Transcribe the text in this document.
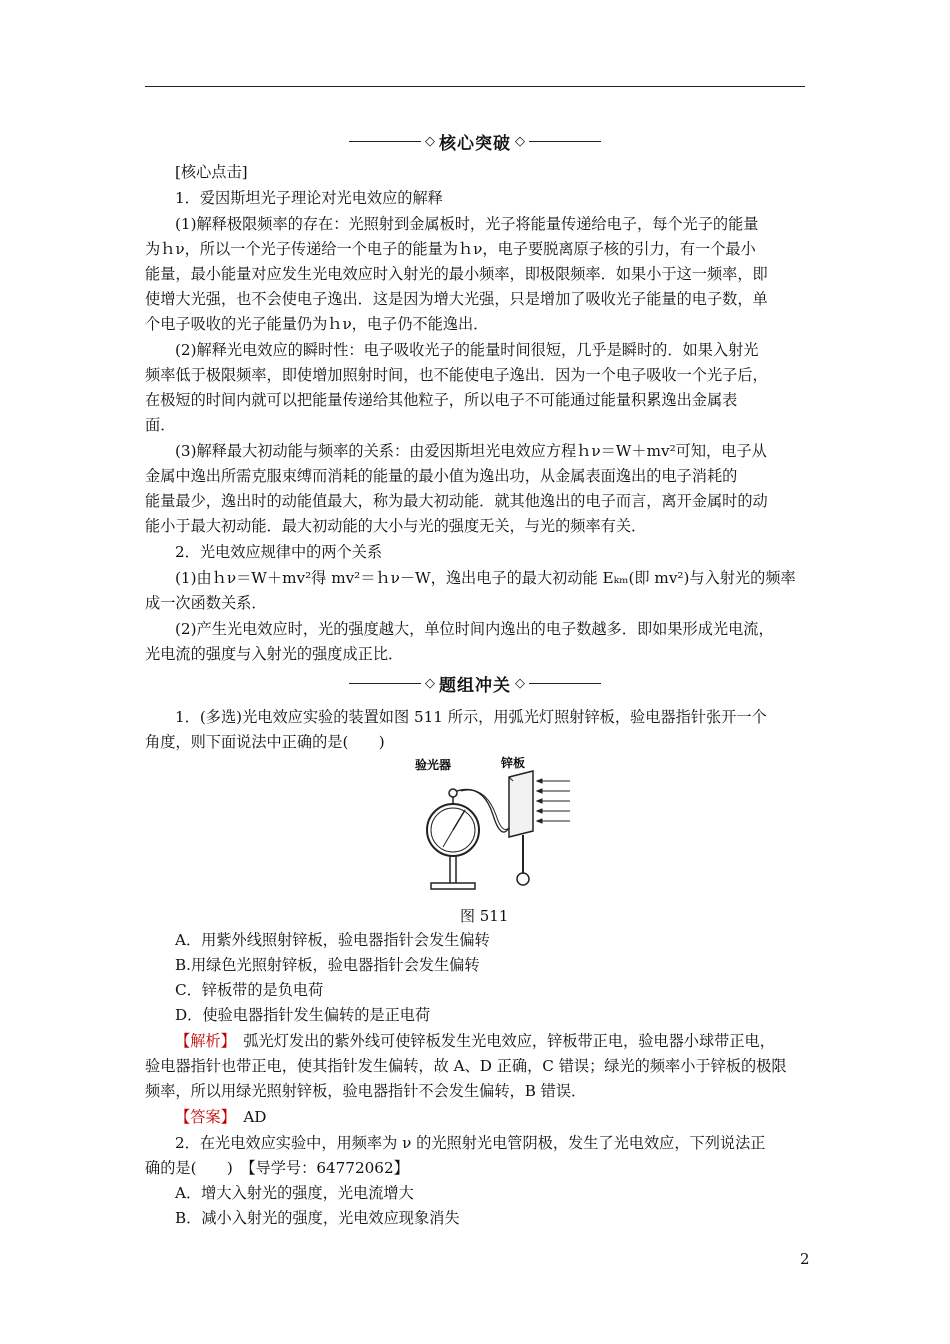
◇ 核心突破 ◇
[核心点击]
1．爱因斯坦光子理论对光电效应的解释
(1)解释极限频率的存在：光照射到金属板时，光子将能量传递给电子，每个光子的能量
为ｈν，所以一个光子传递给一个电子的能量为ｈν，电子要脱离原子核的引力，有一个最小
能量，最小能量对应发生光电效应时入射光的最小频率，即极限频率．如果小于这一频率，即
使增大光强，也不会使电子逸出．这是因为增大光强，只是增加了吸收光子能量的电子数，单
个电子吸收的光子能量仍为ｈν，电子仍不能逸出．
(2)解释光电效应的瞬时性：电子吸收光子的能量时间很短，几乎是瞬时的．如果入射光
频率低于极限频率，即使增加照射时间，也不能使电子逸出．因为一个电子吸收一个光子后，
在极短的时间内就可以把能量传递给其他粒子，所以电子不可能通过能量积累逸出金属表
面．
(3)解释最大初动能与频率的关系：由爱因斯坦光电效应方程ｈν＝W＋mv²可知，电子从
金属中逸出所需克服束缚而消耗的能量的最小值为逸出功，从金属表面逸出的电子消耗的
能量最少，逸出时的动能值最大，称为最大初动能．就其他逸出的电子而言，离开金属时的动
能小于最大初动能．最大初动能的大小与光的强度无关，与光的频率有关．
2．光电效应规律中的两个关系
(1)由ｈν＝W＋mv²得 mv²＝ｈν－W，逸出电子的最大初动能 Eₖₘ(即 mv²)与入射光的频率
成一次函数关系．
(2)产生光电效应时，光的强度越大，单位时间内逸出的电子数越多．即如果形成光电流，
光电流的强度与入射光的强度成正比．
◇ 题组冲关 ◇
1．(多选)光电效应实验的装置如图 511 所示，用弧光灯照射锌板，验电器指针张开一个
角度，则下面说法中正确的是(　　)
验光器	锌板
图 511
A．用紫外线照射锌板，验电器指针会发生偏转
B.用绿色光照射锌板，验电器指针会发生偏转
C．锌板带的是负电荷
D．使验电器指针发生偏转的是正电荷
【解析】　弧光灯发出的紫外线可使锌板发生光电效应，锌板带正电，验电器小球带正电，
验电器指针也带正电，使其指针发生偏转，故 A、D 正确，C 错误；绿光的频率小于锌板的极限
频率，所以用绿光照射锌板，验电器指针不会发生偏转，B 错误．
【答案】　AD
2．在光电效应实验中，用频率为 ν 的光照射光电管阴极，发生了光电效应，下列说法正
确的是(　　)　【导学号：64772062】
A．增大入射光的强度，光电流增大
B．减小入射光的强度，光电效应现象消失
2
